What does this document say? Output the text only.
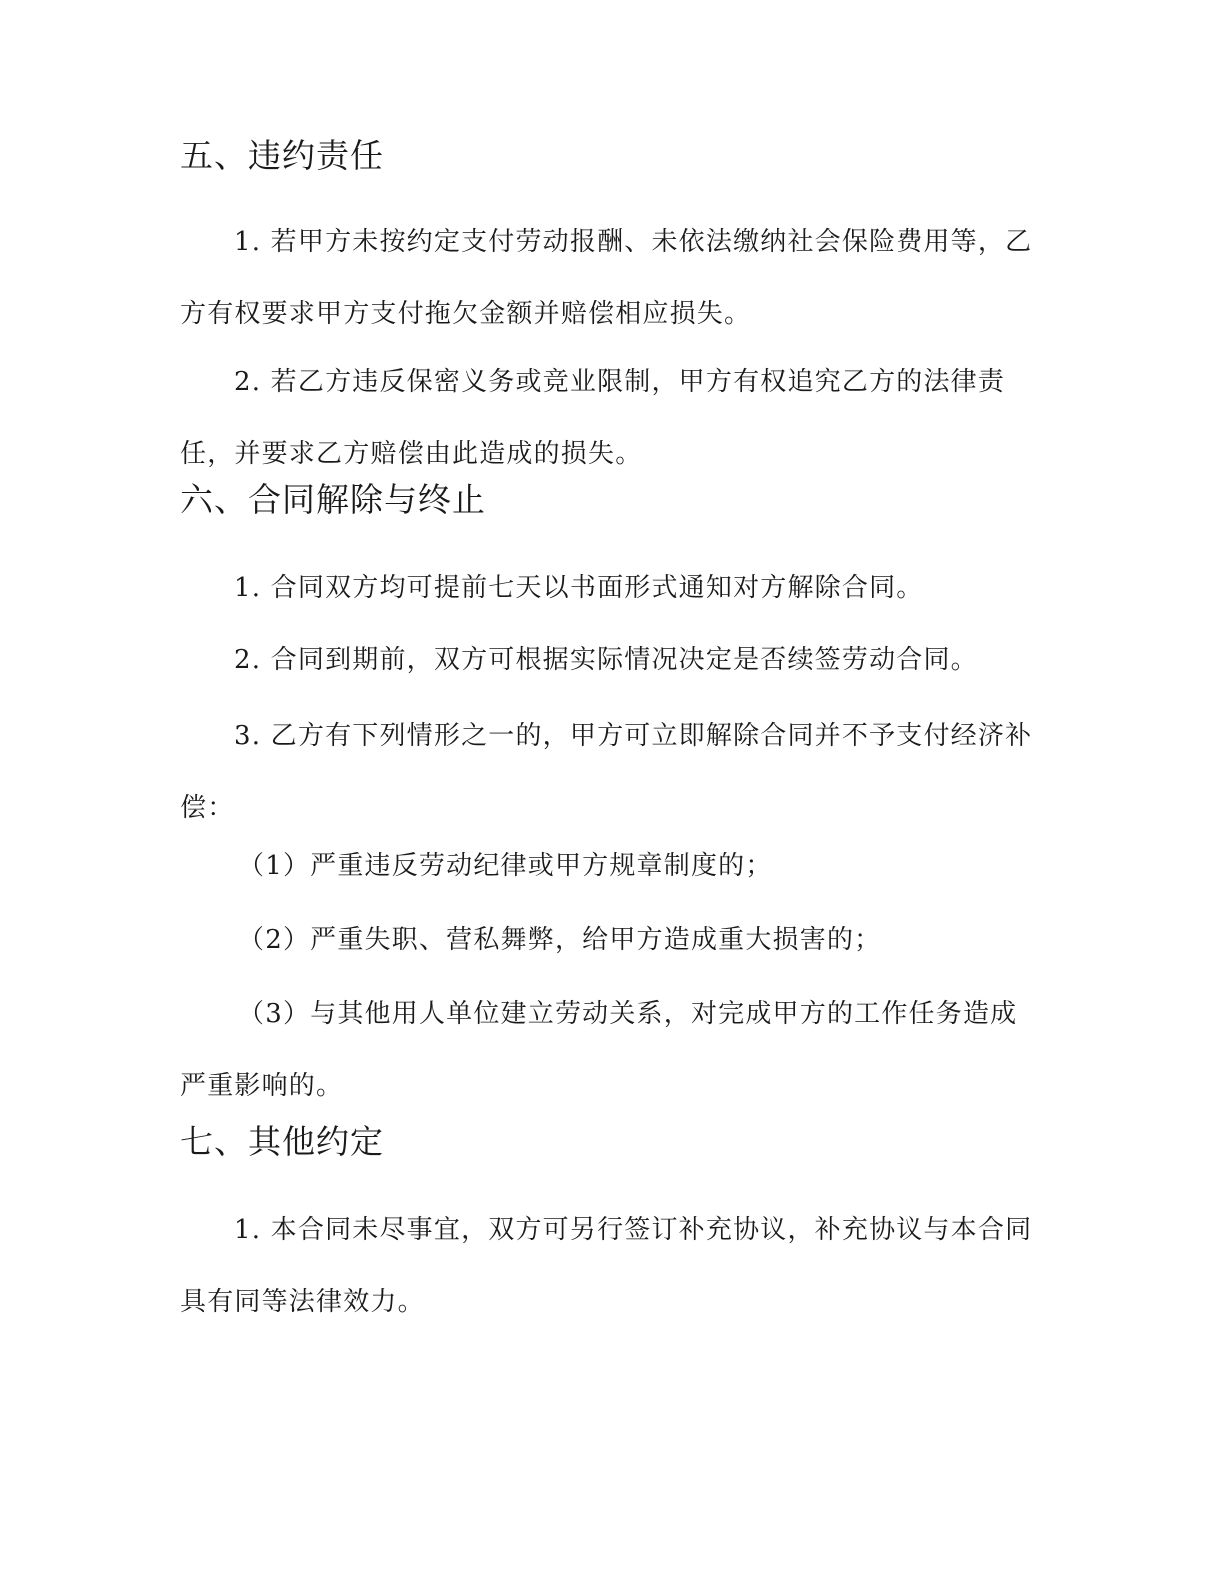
五、违约责任

1. 若甲方未按约定支付劳动报酬、未依法缴纳社会保险费用等，乙方有权要求甲方支付拖欠金额并赔偿相应损失。

2. 若乙方违反保密义务或竞业限制，甲方有权追究乙方的法律责任，并要求乙方赔偿由此造成的损失。

六、合同解除与终止

1. 合同双方均可提前七天以书面形式通知对方解除合同。

2. 合同到期前，双方可根据实际情况决定是否续签劳动合同。

3. 乙方有下列情形之一的，甲方可立即解除合同并不予支付经济补偿：

（1）严重违反劳动纪律或甲方规章制度的；

（2）严重失职、营私舞弊，给甲方造成重大损害的；

（3）与其他用人单位建立劳动关系，对完成甲方的工作任务造成严重影响的。

七、其他约定

1. 本合同未尽事宜，双方可另行签订补充协议，补充协议与本合同具有同等法律效力。
